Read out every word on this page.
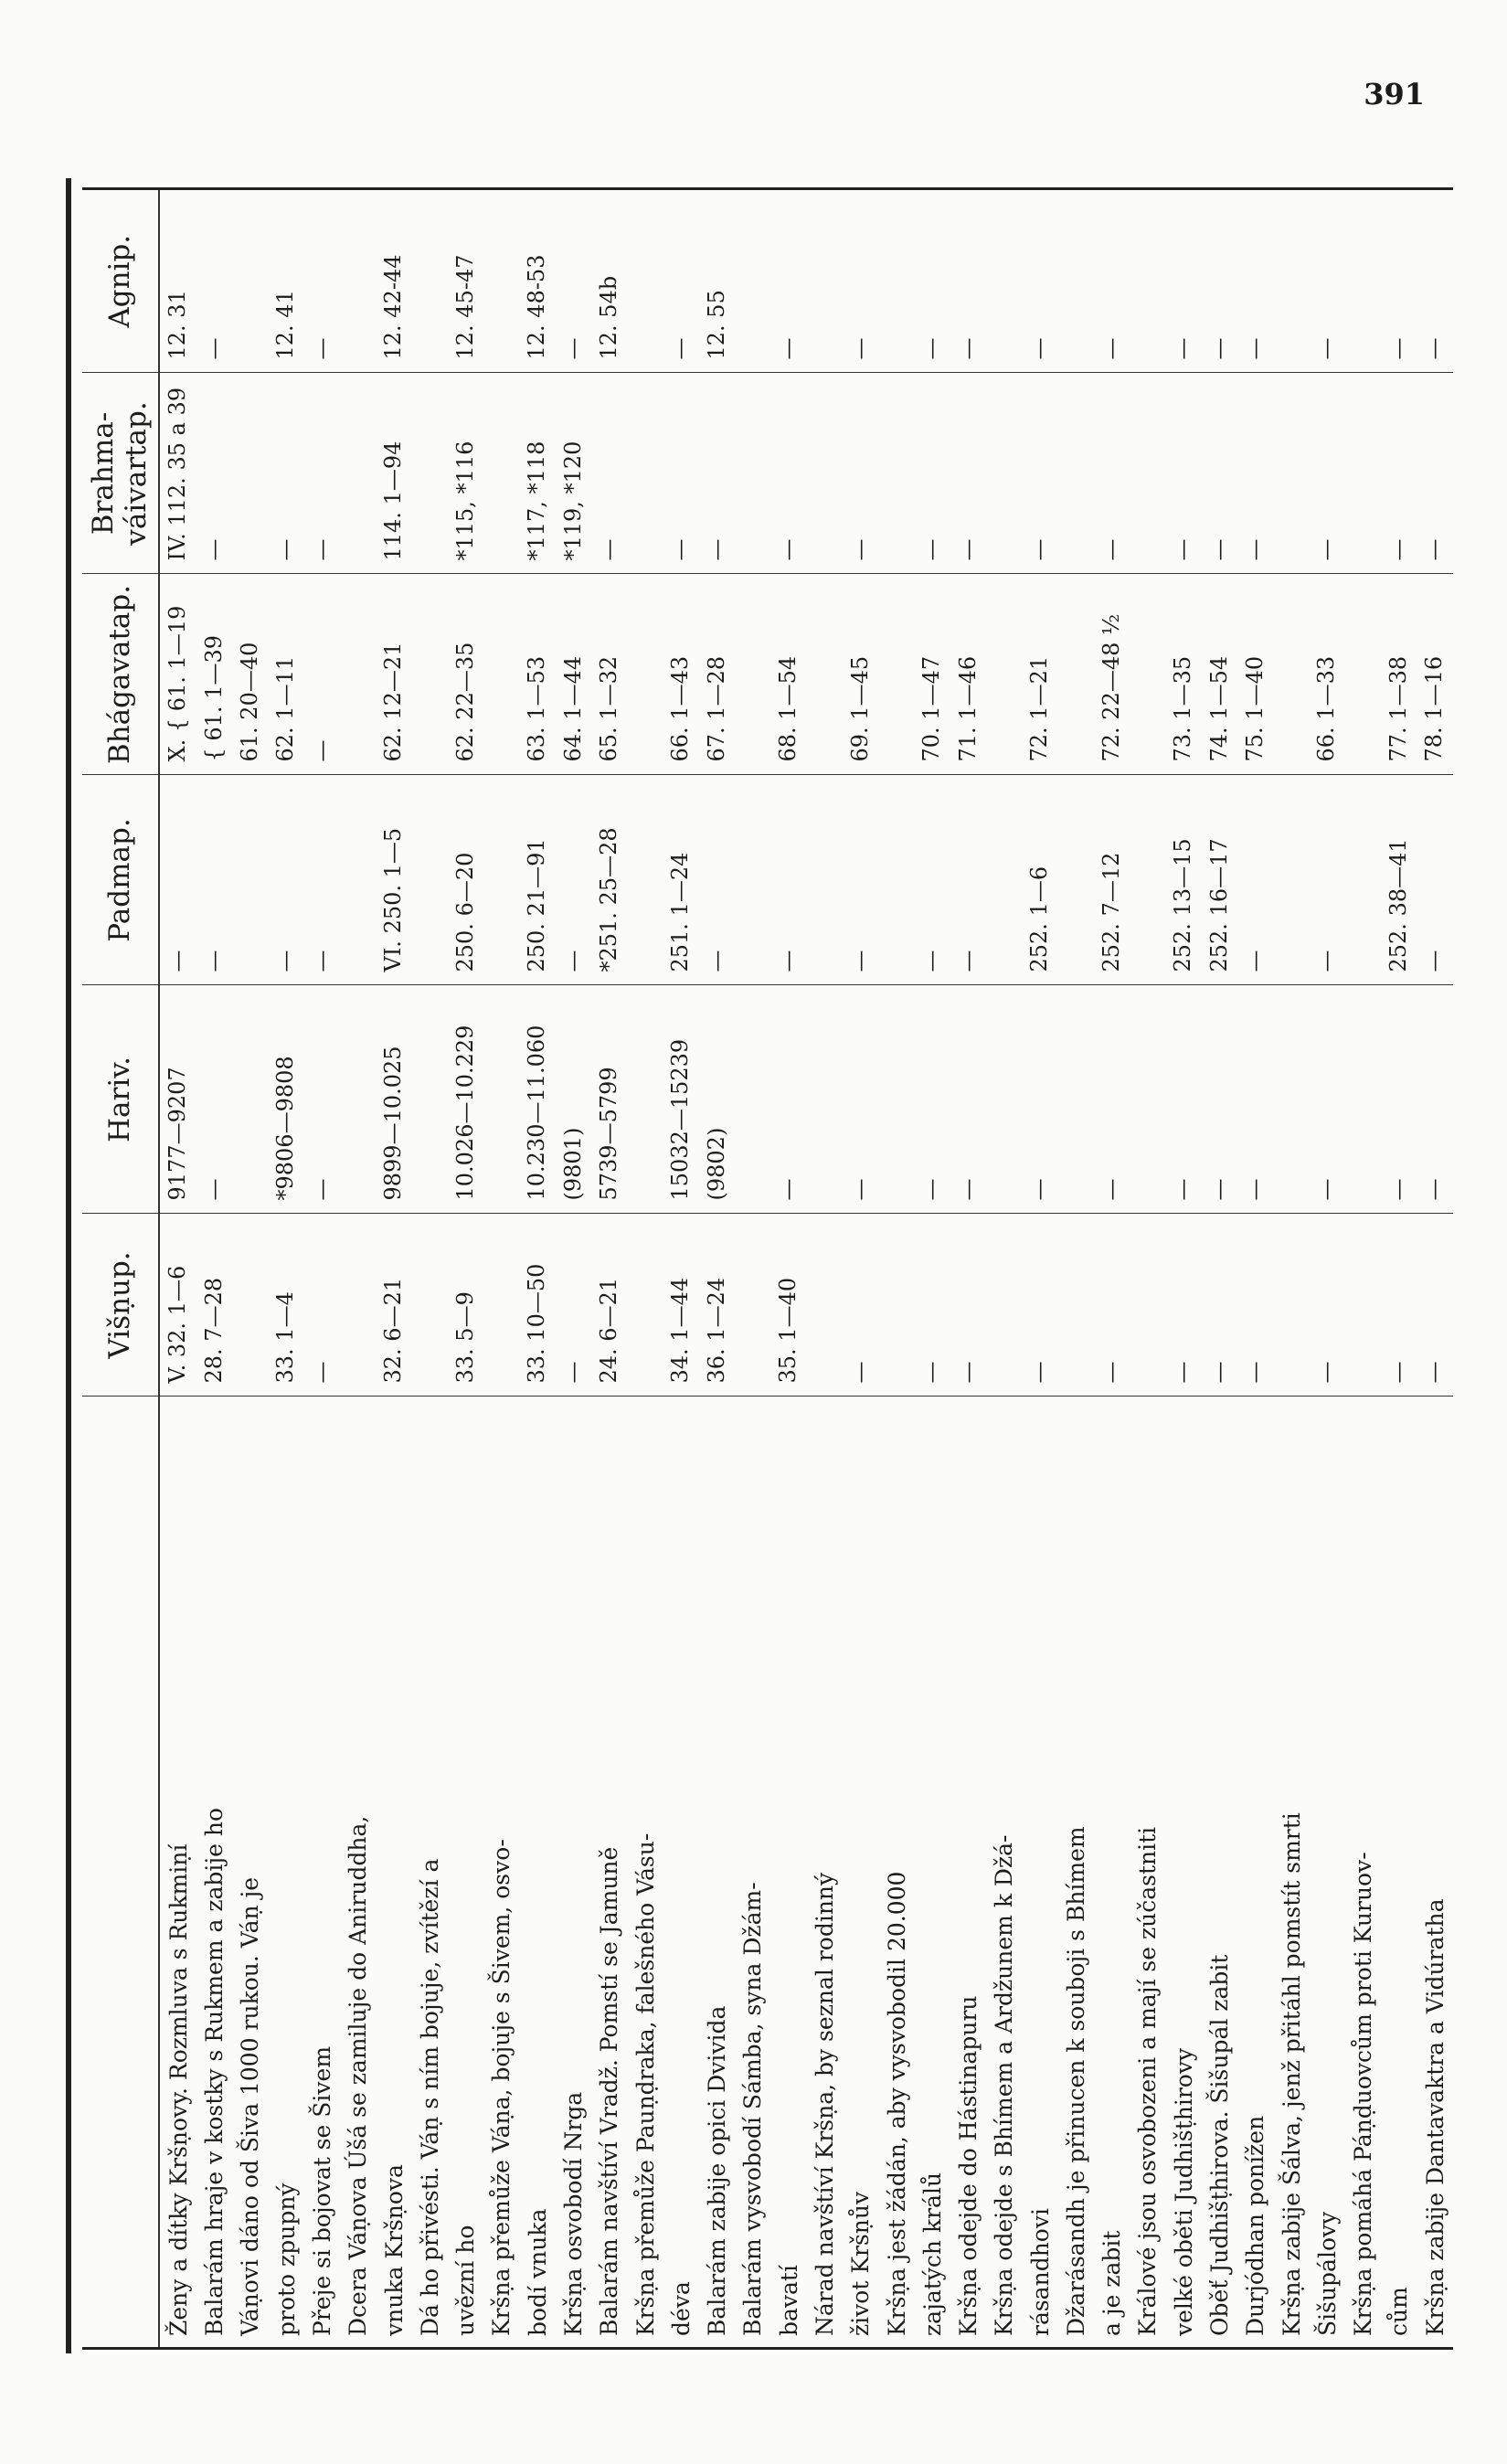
391
	Višṇup.	Hariv.	Padmap.	Bhágavatap.	Brahma-
váivartap.	Agnip.
Ženy a dítky Kršṇovy. Rozmluva s Rukmiṇí	V. 32. 1—6	9177—9207	—	X. { 61. 1—19	IV. 112. 35 a 39	12. 31
Balarám hraje v kostky s Rukmem a zabije ho	28. 7—28	—	—	{ 61. 1—39	—	—
Váṇovi dáno od Šiva 1000 rukou. Váṇ je				61. 20—40		
proto zpupný	33. 1—4	*9806—9808	—	62. 1—11	—	12. 41
Přeje si bojovat se Šivem	—	—	—	—	—	—
Dcera Váṇova Úšá se zamiluje do Aniruddha,						
vnuka Kršṇova	32. 6—21	9899—10.025	VI. 250. 1—5	62. 12—21	114. 1—94	12. 42-44
Dá ho přivésti. Váṇ s ním bojuje, zvítězí a						
uvězní ho	33. 5—9	10.026—10.229	250. 6—20	62. 22—35	*115, *116	12. 45-47
Kršṇa přemůže Váṇa, bojuje s Šivem, osvo-						
bodí vnuka	33. 10—50	10.230—11.060	250. 21—91	63. 1—53	*117, *118	12. 48-53
Kršṇa osvobodí Nrga	—	(9801)	—	64. 1—44	*119, *120	—
Balarám navštíví Vradž. Pomstí se Jamuně	24. 6—21	5739—5799	*251. 25—28	65. 1—32	—	12. 54b
Kršṇa přemůže Pauṇḍraka, falešného Vásu-						
déva	34. 1—44	15032—15239	251. 1—24	66. 1—43	—	—
Balarám zabije opici Dvivida	36. 1—24	(9802)	—	67. 1—28	—	12. 55
Balarám vysvobodí Sámba, syna Džám-						
bavatí	35. 1—40	—	—	68. 1—54	—	—
Nárad navštíví Kršṇa, by seznal rodinný						
život Kršṇův	—	—	—	69. 1—45	—	—
Kršṇa jest žádán, aby vysvobodil 20.000						
zajatých králů	—	—	—	70. 1—47	—	—
Kršṇa odejde do Hástinapuru	—	—	—	71. 1—46	—	—
Kršṇa odejde s Bhímem a Ardžunem k Džá-						
rásandhovi	—	—	252. 1—6	72. 1—21	—	—
Džarásandh je přinucen k souboji s Bhímem						
a je zabit	—	—	252. 7—12	72. 22—48 ½	—	—
Králové jsou osvobozeni a mají se zúčastniti						
velké oběti Judhišṭhirovy	—	—	252. 13—15	73. 1—35	—	—
Oběť Judhišṭhirova. Šišupál zabit	—	—	252. 16—17	74. 1—54	—	—
Durjódhan ponížen	—	—	—	75. 1—40	—	—
Kršṇa zabije Šálva, jenž přitáhl pomstít smrti						
Šišupálovy	—	—	—	66. 1—33	—	—
Kršṇa pomáhá Páṇḍuovcům proti Kuruov-						
cům	—	—	252. 38—41	77. 1—38	—	—
Kršṇa zabije Dantavaktra a Vidúratha	—	—	—	78. 1—16	—	—
